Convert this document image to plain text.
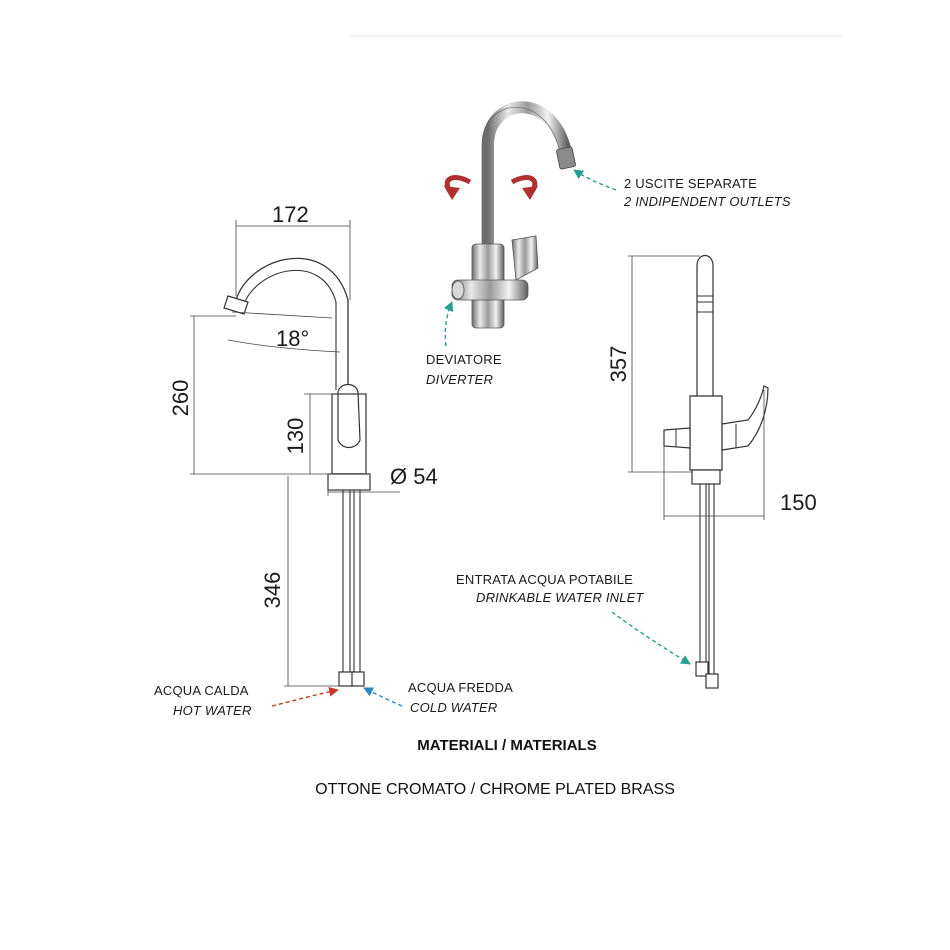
172
18°
260
130
Ø 54
346
ACQUA CALDA
HOT WATER
ACQUA FREDDA
COLD WATER
2 USCITE SEPARATE
2 INDIPENDENT OUTLETS
DEVIATORE
DIVERTER	357
150
ENTRATA ACQUA POTABILE
DRINKABLE WATER INLET
MATERIALI / MATERIALS
OTTONE CROMATO / CHROME PLATED BRASS
